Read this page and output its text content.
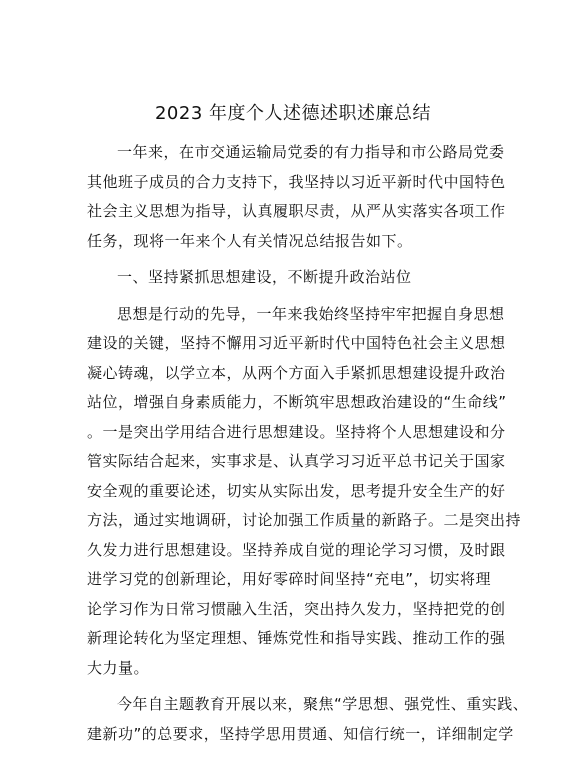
2023 年度个人述德述职述廉总结
一年来，在市交通运输局党委的有力指导和市公路局党委
其他班子成员的合力支持下，我坚持以习近平新时代中国特色
社会主义思想为指导，认真履职尽责，从严从实落实各项工作
任务，现将一年来个人有关情况总结报告如下。
一、坚持紧抓思想建设，不断提升政治站位
思想是行动的先导，一年来我始终坚持牢牢把握自身思想
建设的关键，坚持不懈用习近平新时代中国特色社会主义思想
凝心铸魂，以学立本，从两个方面入手紧抓思想建设提升政治
站位，增强自身素质能力，不断筑牢思想政治建设的“生命线”
。一是突出学用结合进行思想建设。坚持将个人思想建设和分
管实际结合起来，实事求是、认真学习习近平总书记关于国家
安全观的重要论述，切实从实际出发，思考提升安全生产的好
方法，通过实地调研，讨论加强工作质量的新路子。二是突出持
久发力进行思想建设。坚持养成自觉的理论学习习惯，及时跟
进学习党的创新理论，用好零碎时间坚持“充电”，切实将理
论学习作为日常习惯融入生活，突出持久发力，坚持把党的创
新理论转化为坚定理想、锤炼党性和指导实践、推动工作的强
大力量。
今年自主题教育开展以来，聚焦“学思想、强党性、重实践、
建新功”的总要求，坚持学思用贯通、知信行统一，详细制定学
